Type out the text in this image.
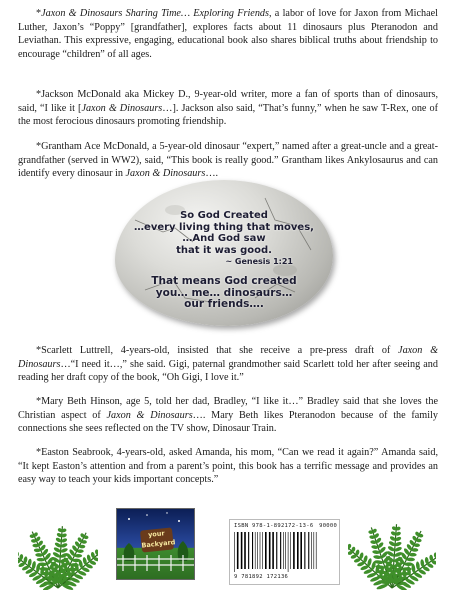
*Jaxon & Dinosaurs Sharing Time… Exploring Friends, a labor of love for Jaxon from Michael Luther, Jaxon’s “Poppy” [grandfather], explores facts about 11 dinosaurs plus Pteranodon and Leviathan. This expressive, engaging, educational book also shares biblical truths about friendship to encourage “children” of all ages.

*Jackson McDonald aka Mickey D., 9-year-old writer, more a fan of sports than of dinosaurs, said, “I like it [Jaxon & Dinosaurs…]. Jackson also said, “That’s funny,” when he saw T-Rex, one of the most ferocious dinosaurs promoting friendship.

*Grantham Ace McDonald, a 5-year-old dinosaur “expert,” named after a great-uncle and a great-grandfather (served in WW2), said, “This book is really good.” Grantham likes Ankylosaurus and can identify every dinosaur in Jaxon & Dinosaurs….

So God Created
…every living thing that moves,
…And God saw
that it was good.
~ Genesis 1:21
That means God created
you… me… dinosaurs…
our friends….

*Scarlett Luttrell, 4-years-old, insisted that she receive a pre-press draft of Jaxon & Dinosaurs…“I need it…,” she said. Gigi, paternal grandmother said Scarlett told her after seeing and reading her draft copy of the book, “Oh Gigi, I love it.”

*Mary Beth Hinson, age 5, told her dad, Bradley, “I like it…” Bradley said that she loves the Christian aspect of Jaxon & Dinosaurs…. Mary Beth likes Pteranodon because of the family connections she sees reflected on the TV show, Dinosaur Train.

*Easton Seabrook, 4-years-old, asked Amanda, his mom, “Can we read it again?” Amanda said, “It kept Easton’s attention and from a parent’s point, this book has a terrific message and provides an easy way to teach your kids important concepts.”

your
Backyard
ISBN 978-1-892172-13-6 90000
9 781892 172136
